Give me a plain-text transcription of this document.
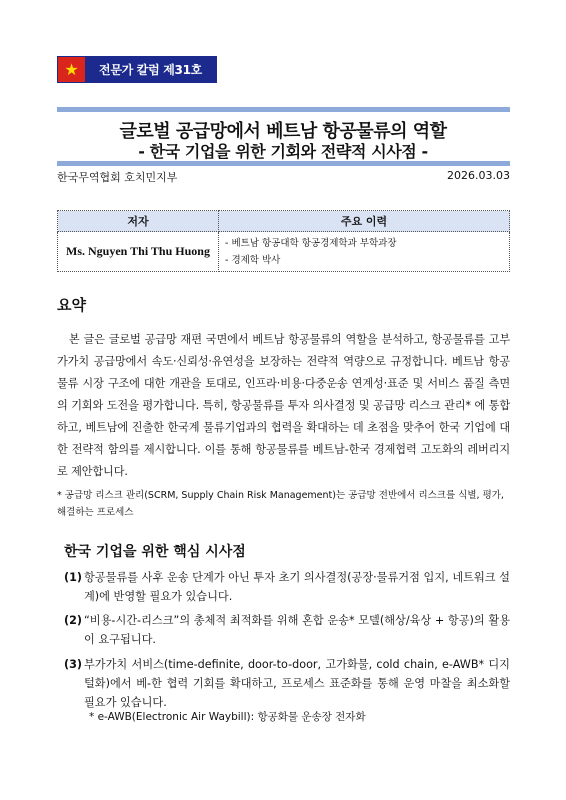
★	전문가 칼럼 제31호
글로벌 공급망에서 베트남 항공물류의 역할
- 한국 기업을 위한 기회와 전략적 시사점 -
한국무역협회 호치민지부	2026.03.03
저자	주요 이력
Ms. Nguyen Thi Thu Huong	- 베트남 항공대학 항공경제학과 부학과장
- 경제학 박사
요약

본 글은 글로벌 공급망 재편 국면에서 베트남 항공물류의 역할을 분석하고, 항공물류를 고부가가치 공급망에서 속도·신뢰성·유연성을 보장하는 전략적 역량으로 규정합니다. 베트남 항공물류 시장 구조에 대한 개관을 토대로, 인프라·비용·다중운송 연계성·표준 및 서비스 품질 측면의 기회와 도전을 평가합니다. 특히, 항공물류를 투자 의사결정 및 공급망 리스크 관리* 에 통합하고, 베트남에 진출한 한국계 물류기업과의 협력을 확대하는 데 초점을 맞추어 한국 기업에 대한 전략적 함의를 제시합니다. 이를 통해 항공물류를 베트남-한국 경제협력 고도화의 레버리지로 제안합니다.

* 공급망 리스크 관리(SCRM, Supply Chain Risk Management)는 공급망 전반에서 리스크를 식별, 평가, 해결하는 프로세스
한국 기업을 위한 핵심 시사점
(1) 항공물류를 사후 운송 단계가 아닌 투자 초기 의사결정(공장·물류거점 입지, 네트워크 설계)에 반영할 필요가 있습니다.
(2) “비용-시간-리스크”의 총체적 최적화를 위해 혼합 운송* 모델(해상/육상 + 항공)의 활용이 요구됩니다.
(3) 부가가치 서비스(time-definite, door-to-door, 고가화물, cold chain, e-AWB* 디지털화)에서 베-한 협력 기회를 확대하고, 프로세스 표준화를 통해 운영 마찰을 최소화할 필요가 있습니다.
* e-AWB(Electronic Air Waybill): 항공화물 운송장 전자화
